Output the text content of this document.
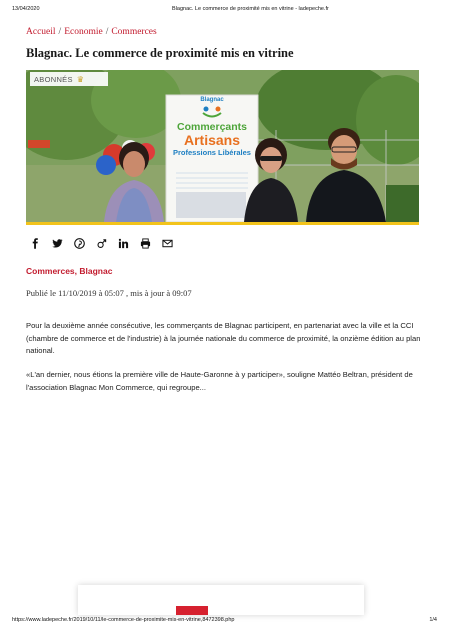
13/04/2020	Blagnac. Le commerce de proximité mis en vitrine - ladepeche.fr
Accueil / Economie / Commerces
Blagnac. Le commerce de proximité mis en vitrine
Blagnac
Commerçants
Artisans
Professions Libérales
ABONNÉS ♛
Commerces, Blagnac
Publié le 11/10/2019 à 05:07 , mis à jour à 09:07

Pour la deuxième année consécutive, les commerçants de Blagnac participent, en partenariat avec la ville et la CCI (chambre de commerce et de l'industrie) à la journée nationale du commerce de proximité, la onzième édition au plan national.

«L'an dernier, nous étions la première ville de Haute-Garonne à y participer», souligne Mattéo Beltran, président de l'association Blagnac Mon Commerce, qui regroupe...

https://www.ladepeche.fr/2019/10/11/le-commerce-de-proximite-mis-en-vitrine,8472398.php	1/4
